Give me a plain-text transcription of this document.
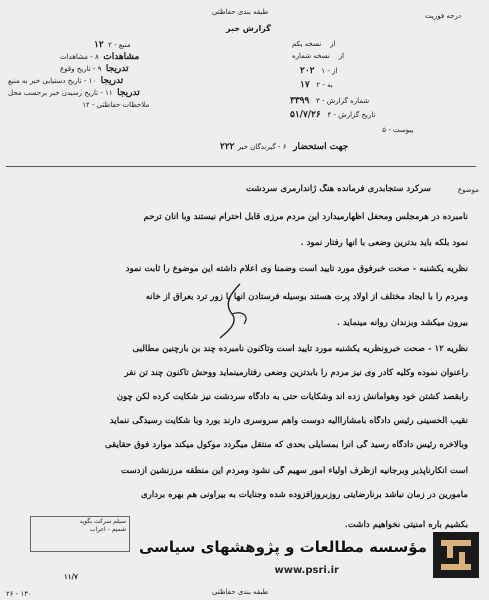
درجه فوریت
طبقه بندی حفاظتی
گزارش خبر
۱۲ ۲ - منبع
مشاهدات  ۸ - مشاهدات
تدریجا  ۹ - تاریخ وقوع
تدریجا  ۱۰ - تاریخ دستیابی خبر به منبع
تدریجا  ۱۱ - تاریخ رسیدن خبر برحسب محل
۱۲ - ملاحظات حفاظتی
از    نسخه یکم
از    نسخه شماره
۲۰۲ ۱ - از
۱۷ ۲ - به
۳۳۹۹ ۳ - شماره گزارش
۵۱/۷/۲۶ ۴ - تاریخ گزارش
۵ - پیوست
۲۲۲ جهت استحضار   ۶ - گیرندگان خبر
موضوع
سرکرد ستجابدری فرمانده هنگ ژاندارمری سردشت
نامبرده در هرمجلس ومحفل اظهارمیدارد این مردم مرزی قابل احترام نیستند وبا آنان ترحم
نمود بلکه باید بدترین وضعی با آنها رفتار نمود .
نظریه یکشنبه - صحت خبرفوق مورد تایید است وضمنا وی اعلام داشته این موضوع را ثابت نمود
ومردم را با ایجاد مختلف از اولاد پرت هستند بوسیله فرستادن آنها با زور ترد بعراق از خانه
بیرون میکشد وبزندان روانه مینماید .
نظریه ۱۲ - صحت خبرونظریه یکشنبه مورد تایید است وتاکنون نامبرده چند بن بارچنین مطالبی
راعنوان نموده وکلیه کادر وی نیز مردم را بابدترین وضعی رفتارمینماید ووحش تاکنون چند تن نفر
رابقصد کشتن خود وهوامانش زده اند وشکایات حتی به دادگاه سردشت نیز شکایت کرده لکن چون
نقیب الحسینی رئیس دادگاه بامشاراالیه دوست واهم سروسری دارند بورد وبا شکایت رسیدگی ننماید
وبالاخره رئیس دادگاه رسید گی آنرا بمسایلی بحدی که منتقل میگردد موکول میکند موارد فوق حقایقی
است انکارناپذیر وبرجانیه ازظرف اولیاء امور سهیم گی نشود ومردم این منطقه مرزنشین ازدست
مامورین در زمان نباشد برنارضایتی روزبروزافزوده شده وجنایات به بیراونی هم بهره برداری
بکشیم باره امنیتی نخواهیم داشت.
سیلم سرکت بگوید
شمیم - اعراب
۱۱/۷
طبقه بندی حفاظتی
۲۶ - ۱۳۰
مؤسسه مطالعات و پژوهشهای سیاسی
www.psri.ir
